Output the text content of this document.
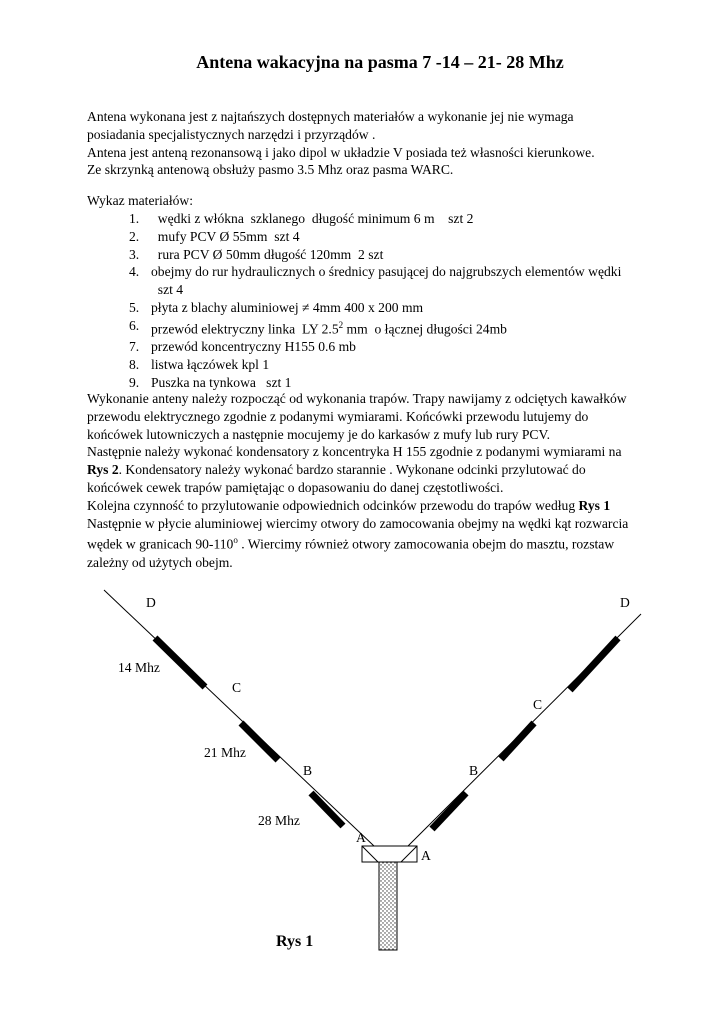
Antena wakacyjna na pasma 7 -14 – 21- 28 Mhz

Antena wykonana jest z najtańszych dostępnych materiałów a wykonanie jej nie wymaga

posiadania specjalistycznych narzędzi i przyrządów .

Antena jest anteną rezonansową i jako dipol w układzie V posiada też własności kierunkowe.

Ze skrzynką antenową obsłuży pasmo 3.5 Mhz oraz pasma WARC.

Wykaz materiałów:
1. wędki z włókna  szklanego  długość minimum 6 m    szt 2
2. mufy PCV Ø 55mm  szt 4
3. rura PCV Ø 50mm długość 120mm  2 szt
4. obejmy do rur hydraulicznych o średnicy pasującej do najgrubszych elementów wędki
szt 4
5. płyta z blachy aluminiowej ≠ 4mm 400 x 200 mm
6. przewód elektryczny linka  LY $2.5^2$ mm  o łącznej długości 24mb
7. przewód koncentryczny H155 0.6 mb
8. listwa łączówek kpl 1
9. Puszka na tynkowa   szt 1

Wykonanie anteny należy rozpocząć od wykonania trapów. Trapy nawijamy z odciętych kawałków

przewodu elektrycznego zgodnie z podanymi wymiarami. Końcówki przewodu lutujemy do

końcówek lutowniczych a następnie mocujemy je do karkasów z mufy lub rury PCV.

Następnie należy wykonać kondensatory z koncentryka H 155 zgodnie z podanymi wymiarami na

Rys 2. Kondensatory należy wykonać bardzo starannie . Wykonane odcinki przylutować do

końcówek cewek trapów pamiętając o dopasowaniu do danej częstotliwości.

Kolejna czynność to przylutowanie odpowiednich odcinków przewodu do trapów według Rys 1

Następnie w płycie aluminiowej wiercimy otwory do zamocowania obejmy na wędki kąt rozwarcia

wędek w granicach 90-110$^o$ . Wiercimy również otwory zamocowania obejm do masztu, rozstaw

zależny od użytych obejm.

D	D
14 Mhz
C
C
21 Mhz
B	B
28 Mhz
A
A
Rys 1
